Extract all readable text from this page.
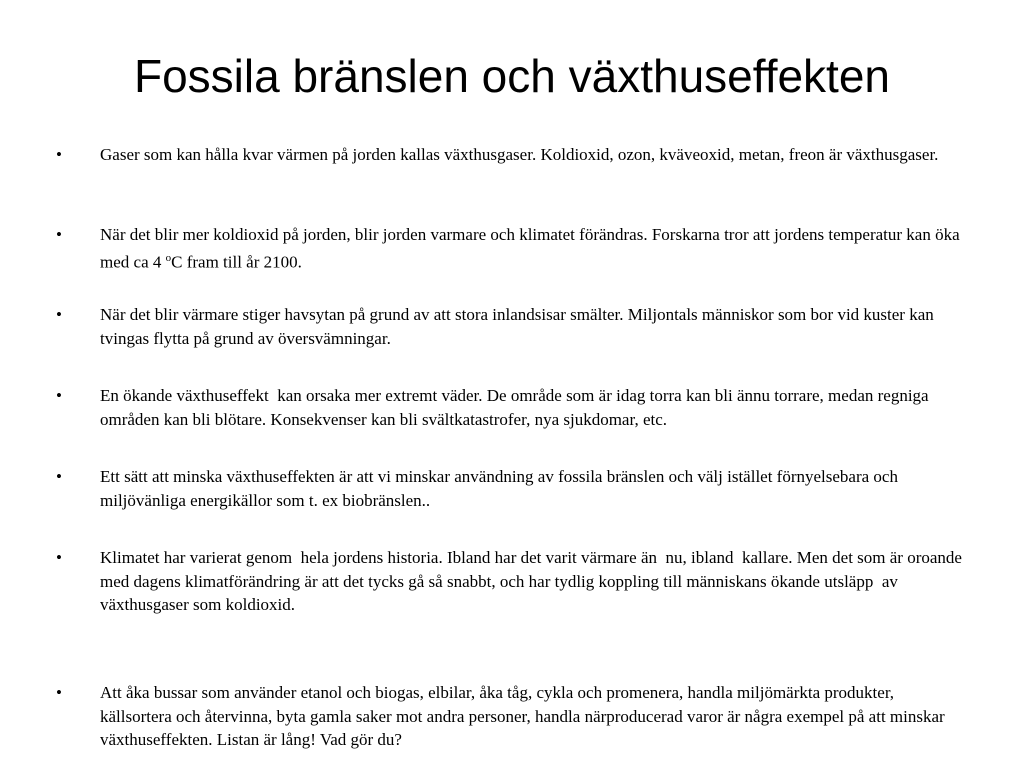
Fossila bränslen och växthuseffekten
•	Gaser som kan hålla kvar värmen på jorden kallas växthusgaser. Koldioxid, ozon, kväveoxid, metan, freon är växthusgaser.
•	När det blir mer koldioxid på jorden, blir jorden varmare och klimatet förändras. Forskarna tror att jordens temperatur kan öka med ca 4 $^o$C fram till år 2100.
•	När det blir värmare stiger havsytan på grund av att stora inlandsisar smälter. Miljontals människor som bor vid kuster kan tvingas flytta på grund av översvämningar.
•	En ökande växthuseffekt  kan orsaka mer extremt väder. De område som är idag torra kan bli ännu torrare, medan regniga områden kan bli blötare. Konsekvenser kan bli svältkatastrofer, nya sjukdomar, etc.
•	Ett sätt att minska växthuseffekten är att vi minskar användning av fossila bränslen och välj istället förnyelsebara och miljövänliga energikällor som t. ex biobränslen..
•	Klimatet har varierat genom  hela jordens historia. Ibland har det varit värmare än  nu, ibland  kallare. Men det som är oroande med dagens klimatförändring är att det tycks gå så snabbt, och har tydlig koppling till människans ökande utsläpp  av växthusgaser som koldioxid.
•	Att åka bussar som använder etanol och biogas, elbilar, åka tåg, cykla och promenera, handla miljömärkta produkter, källsortera och återvinna, byta gamla saker mot andra personer, handla närproducerad varor är några exempel på att minskar växthuseffekten. Listan är lång! Vad gör du?
